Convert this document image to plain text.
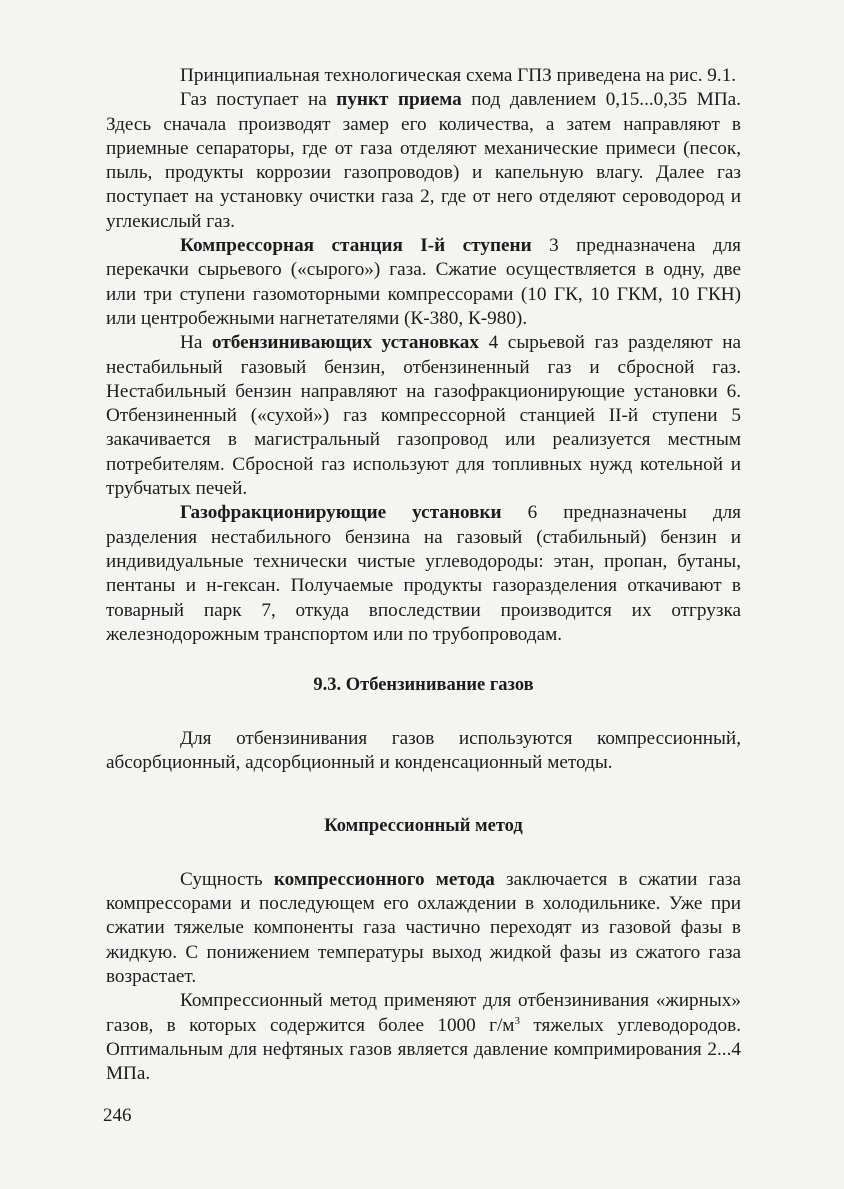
Принципиальная технологическая схема ГПЗ приведена на рис. 9.1.

Газ поступает на пункт приема под давлением 0,15...0,35 МПа. Здесь сначала производят замер его количества, а затем направляют в приемные сепараторы, где от газа отделяют механические примеси (песок, пыль, продукты коррозии газопроводов) и капельную влагу. Далее газ поступает на установку очистки газа 2, где от него отделяют сероводород и углекислый газ.

Компрессорная станция I-й ступени 3 предназначена для перекачки сырьевого («сырого») газа. Сжатие осуществляется в одну, две или три ступени газомоторными компрессорами (10 ГК, 10 ГКМ, 10 ГКН) или центробежными нагнетателями (К-380, К-980).

На отбензинивающих установках 4 сырьевой газ разделяют на нестабильный газовый бензин, отбензиненный газ и сбросной газ. Нестабильный бензин направляют на газофракционирующие установки 6. Отбензиненный («сухой») газ компрессорной станцией II-й ступени 5 закачивается в магистральный газопровод или реализуется местным потребителям. Сбросной газ используют для топливных нужд котельной и трубчатых печей.

Газофракционирующие установки 6 предназначены для разделения нестабильного бензина на газовый (стабильный) бензин и индивидуальные технически чистые углеводороды: этан, пропан, бутаны, пентаны и н-гексан. Получаемые продукты газоразделения откачивают в товарный парк 7, откуда впоследствии производится их отгрузка железнодорожным транспортом или по трубопроводам.

9.3. Отбензинивание газов

Для отбензинивания газов используются компрессионный, абсорбционный, адсорбционный и конденсационный методы.

Компрессионный метод

Сущность компрессионного метода заключается в сжатии газа компрессорами и последующем его охлаждении в холодильнике. Уже при сжатии тяжелые компоненты газа частично переходят из газовой фазы в жидкую. С понижением температуры выход жидкой фазы из сжатого газа возрастает.

Компрессионный метод применяют для отбензинивания «жирных» газов, в которых содержится более 1000 $г/м^3$ тяжелых углеводородов. Оптимальным для нефтяных газов является давление компримирования 2...4 МПа.

246
